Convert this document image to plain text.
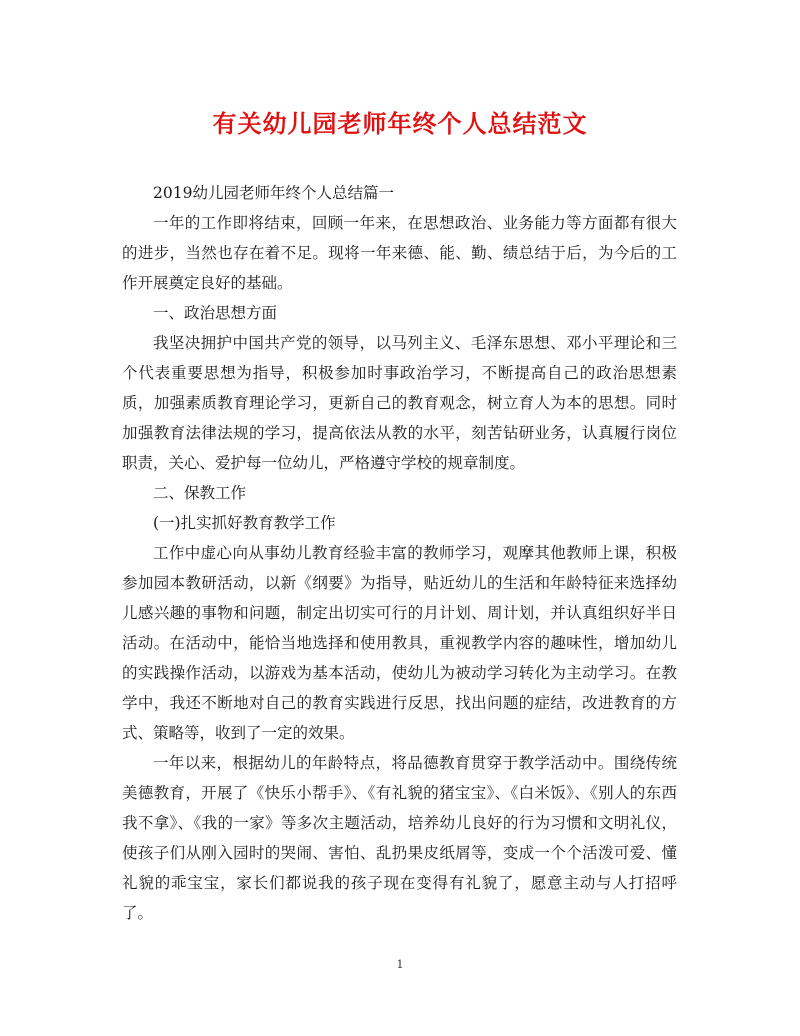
有关幼儿园老师年终个人总结范文

2019幼儿园老师年终个人总结篇一

一年的工作即将结束，回顾一年来，在思想政治、业务能力等方面都有很大的进步，当然也存在着不足。现将一年来德、能、勤、绩总结于后，为今后的工作开展奠定良好的基础。

一、政治思想方面

我坚决拥护中国共产党的领导，以马列主义、毛泽东思想、邓小平理论和三个代表重要思想为指导，积极参加时事政治学习，不断提高自己的政治思想素质，加强素质教育理论学习，更新自己的教育观念，树立育人为本的思想。同时加强教育法律法规的学习，提高依法从教的水平，刻苦钻研业务，认真履行岗位职责，关心、爱护每一位幼儿，严格遵守学校的规章制度。

二、保教工作

(一)扎实抓好教育教学工作

工作中虚心向从事幼儿教育经验丰富的教师学习，观摩其他教师上课，积极参加园本教研活动，以新《纲要》为指导，贴近幼儿的生活和年龄特征来选择幼儿感兴趣的事物和问题，制定出切实可行的月计划、周计划，并认真组织好半日活动。在活动中，能恰当地选择和使用教具，重视教学内容的趣味性，增加幼儿的实践操作活动，以游戏为基本活动，使幼儿为被动学习转化为主动学习。在教学中，我还不断地对自己的教育实践进行反思，找出问题的症结，改进教育的方式、策略等，收到了一定的效果。

一年以来，根据幼儿的年龄特点，将品德教育贯穿于教学活动中。围绕传统美德教育，开展了《快乐小帮手》、《有礼貌的猪宝宝》、《白米饭》、《别人的东西我不拿》、《我的一家》等多次主题活动，培养幼儿良好的行为习惯和文明礼仪，使孩子们从刚入园时的哭闹、害怕、乱扔果皮纸屑等，变成一个个活泼可爱、懂礼貌的乖宝宝，家长们都说我的孩子现在变得有礼貌了，愿意主动与人打招呼了。

1
